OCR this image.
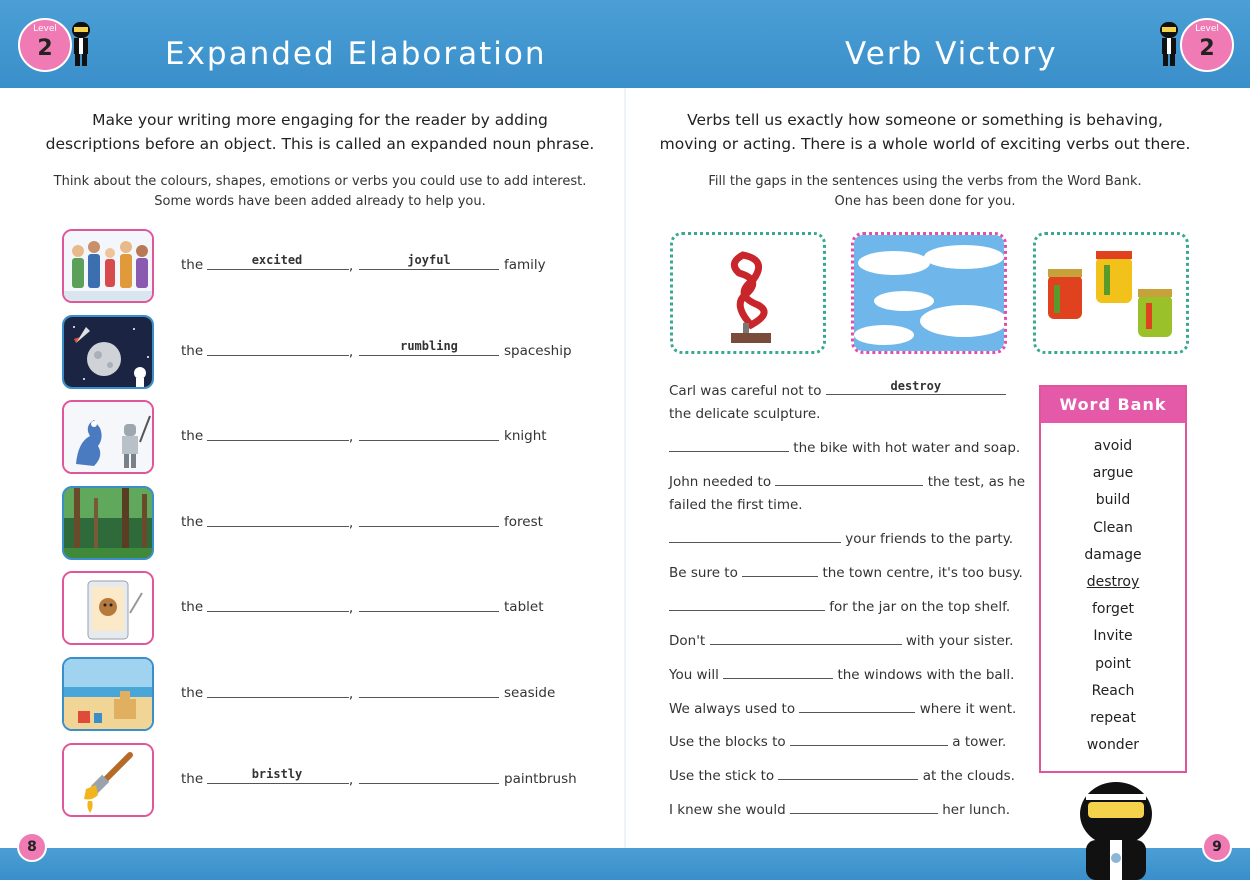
Level
2	Expanded Elaboration	Verb Victory
Level
2
Make your writing more engaging for the reader by adding
descriptions before an object. This is called an expanded noun phrase.
Think about the colours, shapes, emotions or verbs you could use to add interest.
Some words have been added already to help you.
the	excited	,	joyful	family
the	,	rumbling	spaceship
the	,	knight
the	,	forest
the	,	tablet
the	,	seaside
the	bristly	,	paintbrush
Verbs tell us exactly how someone or something is behaving,
moving or acting. There is a whole world of exciting verbs out there.
Fill the gaps in the sentences using the verbs from the Word Bank.
One has been done for you.
Carl was careful not to	destroy
the delicate sculpture.
the bike with hot water and soap.
John needed to	the test, as he
failed the first time.
your friends to the party.
Be sure to	the town centre, it's too busy.
for the jar on the top shelf.
Don't	with your sister.
You will	the windows with the ball.
We always used to	where it went.
Use the blocks to	a tower.
Use the stick to	at the clouds.
I knew she would	her lunch.
Word Bank
avoid
argue
build
Clean
damage
destroy
forget
Invite
point
Reach
repeat
wonder
8	9
